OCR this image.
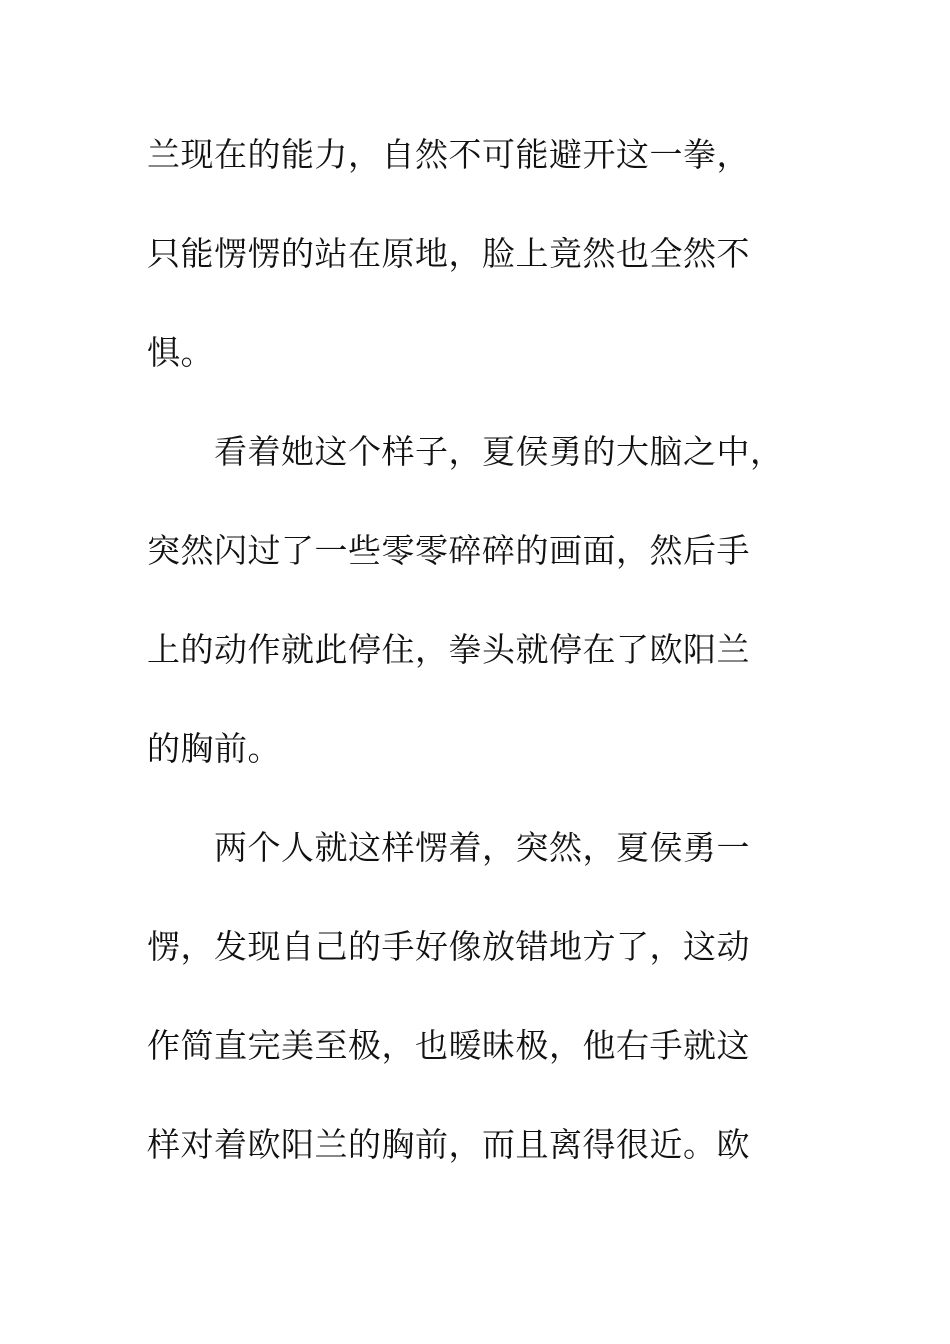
兰现在的能力，自然不可能避开这一拳，
只能愣愣的站在原地，脸上竟然也全然不
惧。
看着她这个样子，夏侯勇的大脑之中，
突然闪过了一些零零碎碎的画面，然后手
上的动作就此停住，拳头就停在了欧阳兰
的胸前。
两个人就这样愣着，突然，夏侯勇一
愣，发现自己的手好像放错地方了，这动
作简直完美至极，也暧昧极，他右手就这
样对着欧阳兰的胸前，而且离得很近。欧
